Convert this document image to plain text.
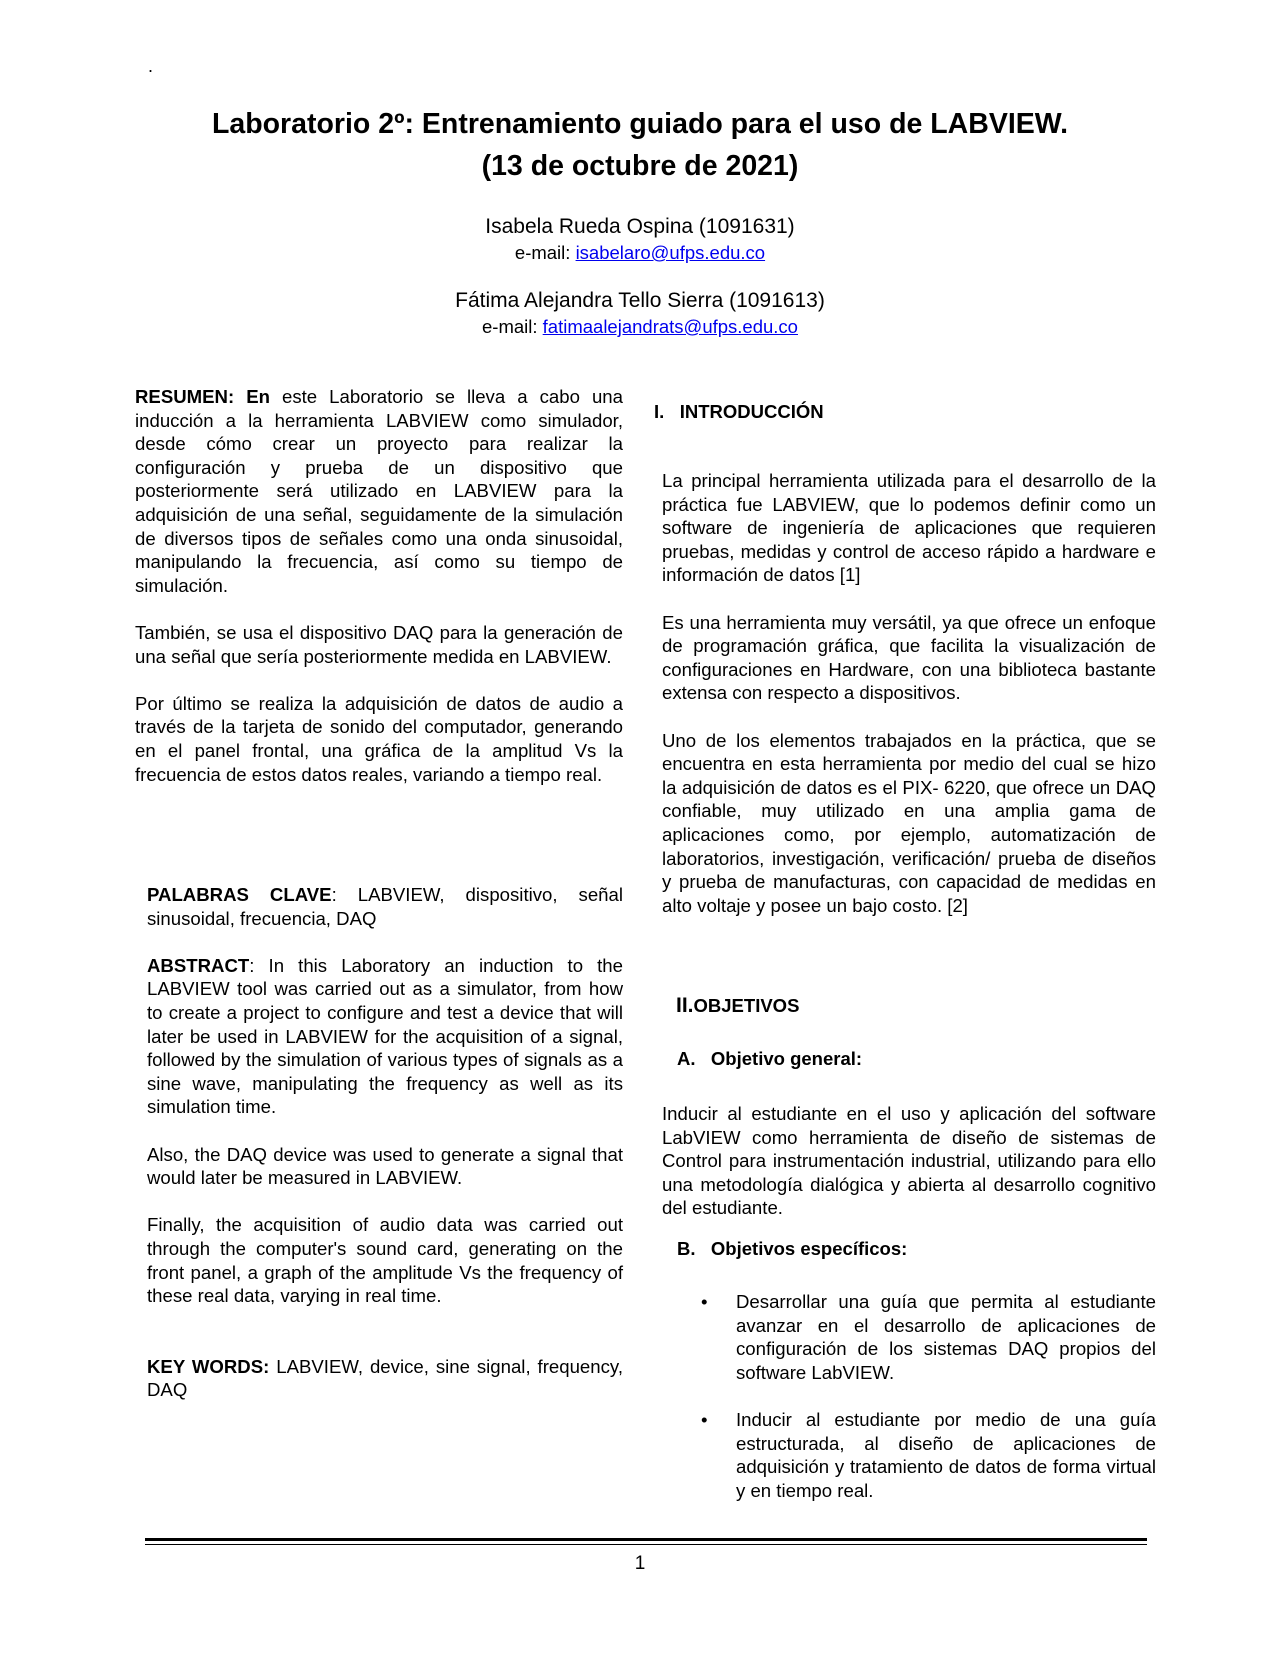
.
Laboratorio 2º: Entrenamiento guiado para el uso de LABVIEW.
(13 de octubre de 2021)
Isabela Rueda Ospina (1091631)
e-mail: isabelaro@ufps.edu.co
Fátima Alejandra Tello Sierra (1091613)
e-mail: fatimaalejandrats@ufps.edu.co

RESUMEN: En este Laboratorio se lleva a cabo una inducción a la herramienta LABVIEW como simulador, desde cómo crear un proyecto para realizar la configuración y prueba de un dispositivo que posteriormente será utilizado en LABVIEW para la adquisición de una señal, seguidamente de la simulación de diversos tipos de señales como una onda sinusoidal, manipulando la frecuencia, así como su tiempo de simulación.

También, se usa el dispositivo DAQ para la generación de una señal que sería posteriormente medida en LABVIEW.

Por último se realiza la adquisición de datos de audio a través de la tarjeta de sonido del computador, generando en el panel frontal, una gráfica de la amplitud Vs la frecuencia de estos datos reales, variando a tiempo real.

PALABRAS CLAVE: LABVIEW, dispositivo, señal sinusoidal, frecuencia, DAQ

ABSTRACT: In this Laboratory an induction to the LABVIEW tool was carried out as a simulator, from how to create a project to configure and test a device that will later be used in LABVIEW for the acquisition of a signal, followed by the simulation of various types of signals as a sine wave, manipulating the frequency as well as its simulation time.

Also, the DAQ device was used to generate a signal that would later be measured in LABVIEW.

Finally, the acquisition of audio data was carried out through the computer's sound card, generating on the front panel, a graph of the amplitude Vs the frequency of these real data, varying in real time.

KEY WORDS: LABVIEW, device, sine signal, frequency, DAQ

I.   INTRODUCCIÓN

La principal herramienta utilizada para el desarrollo de la práctica fue LABVIEW, que lo podemos definir como un software de ingeniería de aplicaciones que requieren pruebas, medidas y control de acceso rápido a hardware e información de datos [1]

Es una herramienta muy versátil, ya que ofrece un enfoque de programación gráfica, que facilita la visualización de configuraciones en Hardware, con una biblioteca bastante extensa con respecto a dispositivos.

Uno de los elementos trabajados en la práctica, que se encuentra en esta herramienta por medio del cual se hizo la adquisición de datos es el PIX- 6220, que ofrece un DAQ confiable, muy utilizado en una amplia gama de aplicaciones como, por ejemplo, automatización de laboratorios, investigación, verificación/ prueba de diseños y prueba de manufacturas, con capacidad de medidas en alto voltaje y posee un bajo costo. [2]

II.OBJETIVOS
A.   Objetivo general:
Inducir al estudiante en el uso y aplicación del software LabVIEW como herramienta de diseño de sistemas de Control para instrumentación industrial, utilizando para ello una metodología dialógica y abierta al desarrollo cognitivo del estudiante.
B.   Objetivos específicos:
• Desarrollar una guía que permita al estudiante avanzar en el desarrollo de aplicaciones de configuración de los sistemas DAQ propios del software LabVIEW.
• Inducir al estudiante por medio de una guía estructurada, al diseño de aplicaciones de adquisición y tratamiento de datos de forma virtual y en tiempo real.
1
